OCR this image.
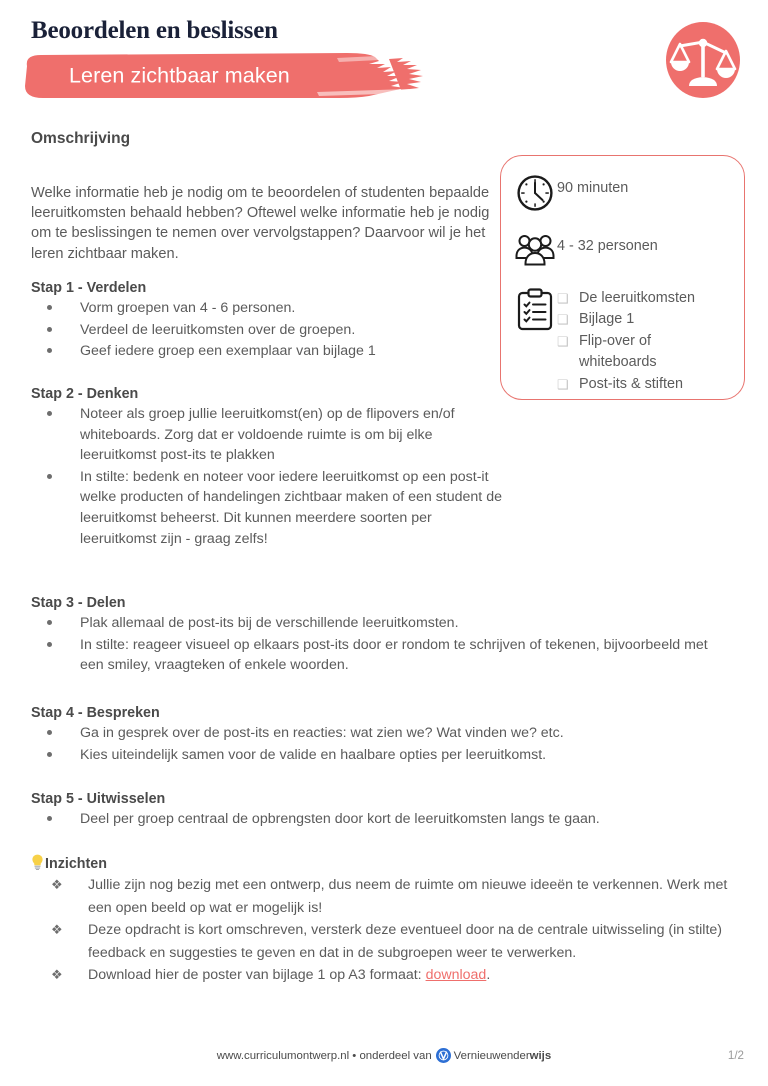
Beoordelen en beslissen
Leren zichtbaar maken
Omschrijving

Welke informatie heb je nodig om te beoordelen of studenten bepaalde leeruitkomsten behaald hebben? Oftewel welke informatie heb je nodig om te beslissingen te nemen over vervolgstappen? Daarvoor wil je het leren zichtbaar maken.

Stap 1 - Verdelen
Vorm groepen van 4 - 6 personen.
Verdeel de leeruitkomsten over de groepen.
Geef iedere groep een exemplaar van bijlage 1
Stap 2 - Denken
Noteer als groep jullie leeruitkomst(en) op de flipovers en/of whiteboards. Zorg dat er voldoende ruimte is om bij elke leeruitkomst post-its te plakken
In stilte: bedenk en noteer voor iedere leeruitkomst op een post-it welke producten of handelingen zichtbaar maken of een student de leeruitkomst beheerst. Dit kunnen meerdere soorten per leeruitkomst zijn - graag zelfs!
Stap 3 - Delen
Plak allemaal de post-its bij de verschillende leeruitkomsten.
In stilte: reageer visueel op elkaars post-its door er rondom te schrijven of tekenen, bijvoorbeeld met een smiley, vraagteken of enkele woorden.
Stap 4 - Bespreken
Ga in gesprek over de post-its en reacties: wat zien we? Wat vinden we? etc.
Kies uiteindelijk samen voor de valide en haalbare opties per leeruitkomst.
Stap 5 - Uitwisselen
Deel per groep centraal de opbrengsten door kort de leeruitkomsten langs te gaan.
Inzichten
❖ Jullie zijn nog bezig met een ontwerp, dus neem de ruimte om nieuwe ideeën te verkennen. Werk met een open beeld op wat er mogelijk is!
❖ Deze opdracht is kort omschreven, versterk deze eventueel door na de centrale uitwisseling (in stilte) feedback en suggesties te geven en dat in de subgroepen weer te verwerken.
❖ Download hier de poster van bijlage 1 op A3 formaat: download.
90 minuten
4 - 32 personen
❑ De leeruitkomsten
❑ Bijlage 1
❑ Flip-over of
whiteboards
❑ Post-its & stiften
www.curriculumontwerp.nl • onderdeel van Vernieuwenderwijs	1/2
